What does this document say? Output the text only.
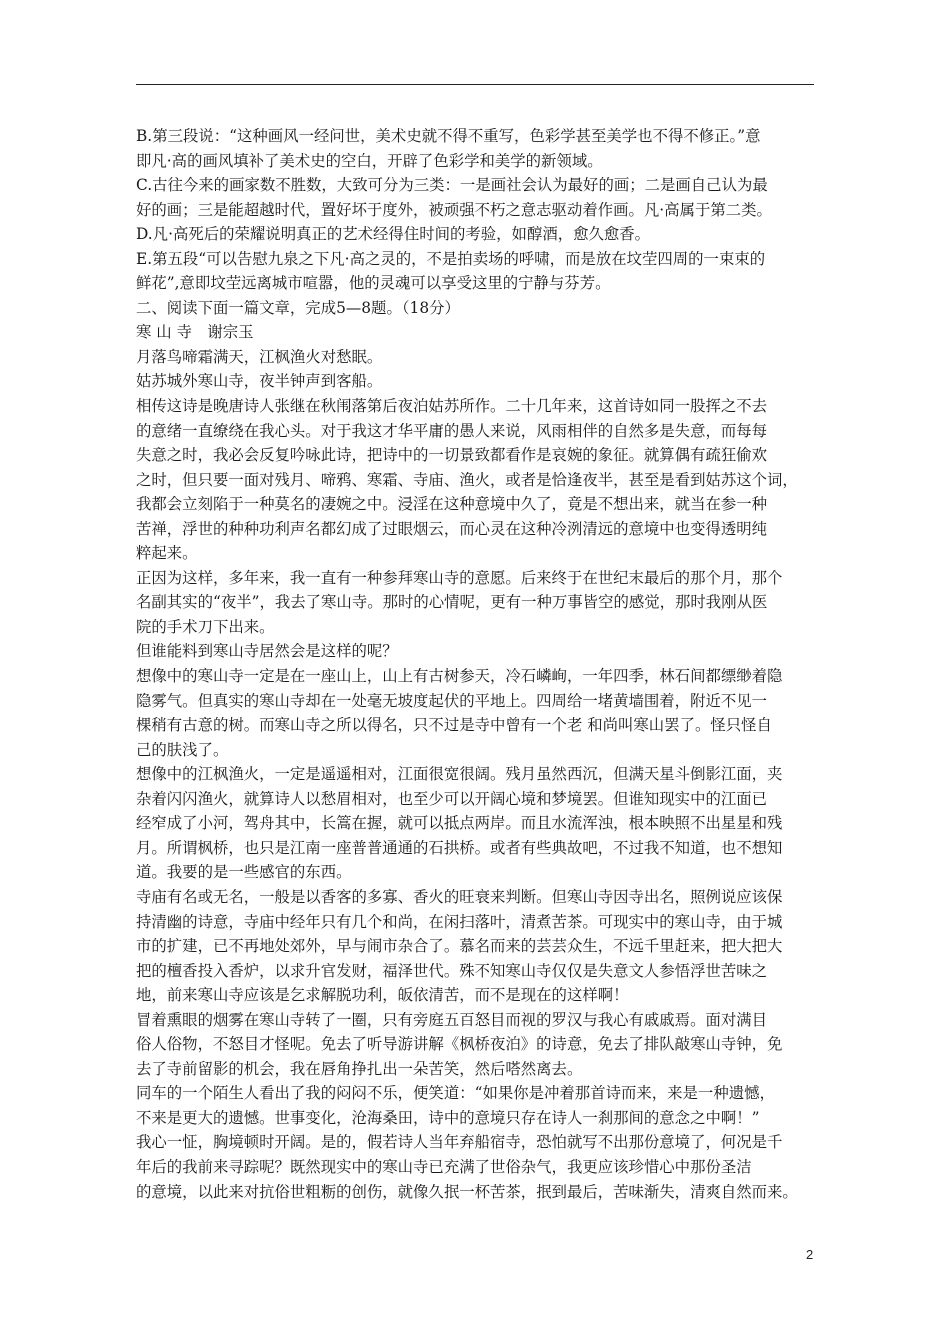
B.第三段说：“这种画风一经问世，美术史就不得不重写，色彩学甚至美学也不得不修正。”意
即凡·高的画风填补了美术史的空白，开辟了色彩学和美学的新领域。
C.古往今来的画家数不胜数，大致可分为三类：一是画社会认为最好的画；二是画自己认为最
好的画；三是能超越时代，置好坏于度外，被顽强不朽之意志驱动着作画。凡·高属于第二类。
D.凡·高死后的荣耀说明真正的艺术经得住时间的考验，如醇酒，愈久愈香。
E.第五段“可以告慰九泉之下凡·高之灵的，不是拍卖场的呼啸，而是放在坟茔四周的一束束的
鲜花”,意即坟茔远离城市喧嚣，他的灵魂可以享受这里的宁静与芬芳。
二、阅读下面一篇文章，完成5—8题。（18分）
寒 山 寺　谢宗玉
月落鸟啼霜满天，江枫渔火对愁眠。
姑苏城外寒山寺，夜半钟声到客船。
相传这诗是晚唐诗人张继在秋闱落第后夜泊姑苏所作。二十几年来，这首诗如同一股挥之不去
的意绪一直缭绕在我心头。对于我这才华平庸的愚人来说，风雨相伴的自然多是失意，而每每
失意之时，我必会反复吟咏此诗，把诗中的一切景致都看作是哀婉的象征。就算偶有疏狂偷欢
之时，但只要一面对残月、啼鸦、寒霜、寺庙、渔火，或者是恰逢夜半，甚至是看到姑苏这个词，
我都会立刻陷于一种莫名的凄婉之中。浸淫在这种意境中久了，竟是不想出来，就当在参一种
苦禅，浮世的种种功利声名都幻成了过眼烟云，而心灵在这种冷洌清远的意境中也变得透明纯
粹起来。
正因为这样，多年来，我一直有一种参拜寒山寺的意愿。后来终于在世纪末最后的那个月，那个
名副其实的“夜半”，我去了寒山寺。那时的心情呢，更有一种万事皆空的感觉，那时我刚从医
院的手术刀下出来。
但谁能料到寒山寺居然会是这样的呢？
想像中的寒山寺一定是在一座山上，山上有古树参天，冷石嶙峋，一年四季，林石间都缥缈着隐
隐雾气。但真实的寒山寺却在一处毫无坡度起伏的平地上。四周给一堵黄墙围着，附近不见一
棵稍有古意的树。而寒山寺之所以得名，只不过是寺中曾有一个老 和尚叫寒山罢了。怪只怪自
己的肤浅了。
想像中的江枫渔火，一定是遥遥相对，江面很宽很阔。残月虽然西沉，但满天星斗倒影江面，夹
杂着闪闪渔火，就算诗人以愁眉相对，也至少可以开阔心境和梦境罢。但谁知现实中的江面已
经窄成了小河，驾舟其中，长篙在握，就可以抵点两岸。而且水流浑浊，根本映照不出星星和残
月。所谓枫桥，也只是江南一座普普通通的石拱桥。或者有些典故吧，不过我不知道，也不想知
道。我要的是一些感官的东西。
寺庙有名或无名，一般是以香客的多寡、香火的旺衰来判断。但寒山寺因寺出名，照例说应该保
持清幽的诗意，寺庙中经年只有几个和尚，在闲扫落叶，清煮苦茶。可现实中的寒山寺，由于城
市的扩建，已不再地处郊外，早与闹市杂合了。慕名而来的芸芸众生，不远千里赶来，把大把大
把的檀香投入香炉，以求升官发财，福泽世代。殊不知寒山寺仅仅是失意文人参悟浮世苦味之
地，前来寒山寺应该是乞求解脱功利，皈依清苦，而不是现在的这样啊！
冒着熏眼的烟雾在寒山寺转了一圈，只有旁庭五百怒目而视的罗汉与我心有戚戚焉。面对满目
俗人俗物，不怒目才怪呢。免去了听导游讲解《枫桥夜泊》的诗意，免去了排队敲寒山寺钟，免
去了寺前留影的机会，我在唇角挣扎出一朵苦笑，然后嗒然离去。
同车的一个陌生人看出了我的闷闷不乐，便笑道：“如果你是冲着那首诗而来，来是一种遗憾，
不来是更大的遗憾。世事变化，沧海桑田，诗中的意境只存在诗人一刹那间的意念之中啊！”
我心一怔，胸境顿时开阔。是的，假若诗人当年弃船宿寺，恐怕就写不出那份意境了，何况是千
年后的我前来寻踪呢？既然现实中的寒山寺已充满了世俗杂气，我更应该珍惜心中那份圣洁
的意境，以此来对抗俗世粗粝的创伤，就像久抿一杯苦茶，抿到最后，苦味渐失，清爽自然而来。
2
